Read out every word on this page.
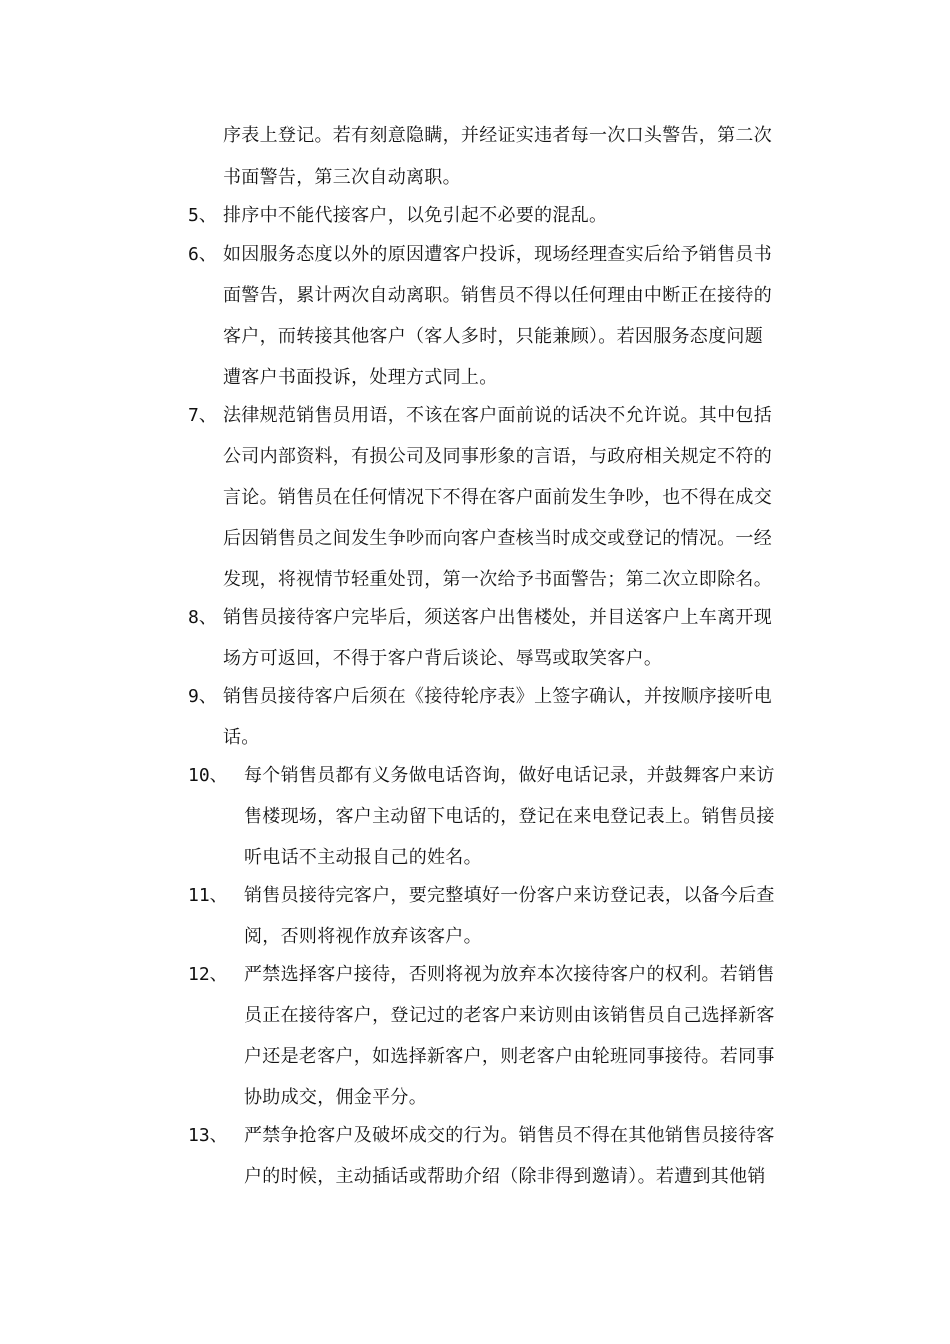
序表上登记。若有刻意隐瞒，并经证实违者每一次口头警告，第二次
书面警告，第三次自动离职。
5、 排序中不能代接客户，以免引起不必要的混乱。
6、 如因服务态度以外的原因遭客户投诉，现场经理查实后给予销售员书
面警告，累计两次自动离职。销售员不得以任何理由中断正在接待的
客户，而转接其他客户（客人多时，只能兼顾）。若因服务态度问题
遭客户书面投诉，处理方式同上。
7、 法律规范销售员用语，不该在客户面前说的话决不允许说。其中包括
公司内部资料，有损公司及同事形象的言语，与政府相关规定不符的
言论。销售员在任何情况下不得在客户面前发生争吵，也不得在成交
后因销售员之间发生争吵而向客户查核当时成交或登记的情况。一经
发现，将视情节轻重处罚，第一次给予书面警告；第二次立即除名。
8、 销售员接待客户完毕后，须送客户出售楼处，并目送客户上车离开现
场方可返回，不得于客户背后谈论、辱骂或取笑客户。
9、 销售员接待客户后须在《接待轮序表》上签字确认，并按顺序接听电
话。
10、 每个销售员都有义务做电话咨询，做好电话记录，并鼓舞客户来访
售楼现场，客户主动留下电话的，登记在来电登记表上。销售员接
听电话不主动报自己的姓名。
11、 销售员接待完客户，要完整填好一份客户来访登记表，以备今后查
阅，否则将视作放弃该客户。
12、 严禁选择客户接待，否则将视为放弃本次接待客户的权利。若销售
员正在接待客户，登记过的老客户来访则由该销售员自己选择新客
户还是老客户，如选择新客户，则老客户由轮班同事接待。若同事
协助成交，佣金平分。
13、 严禁争抢客户及破坏成交的行为。销售员不得在其他销售员接待客
户的时候，主动插话或帮助介绍（除非得到邀请）。若遭到其他销
